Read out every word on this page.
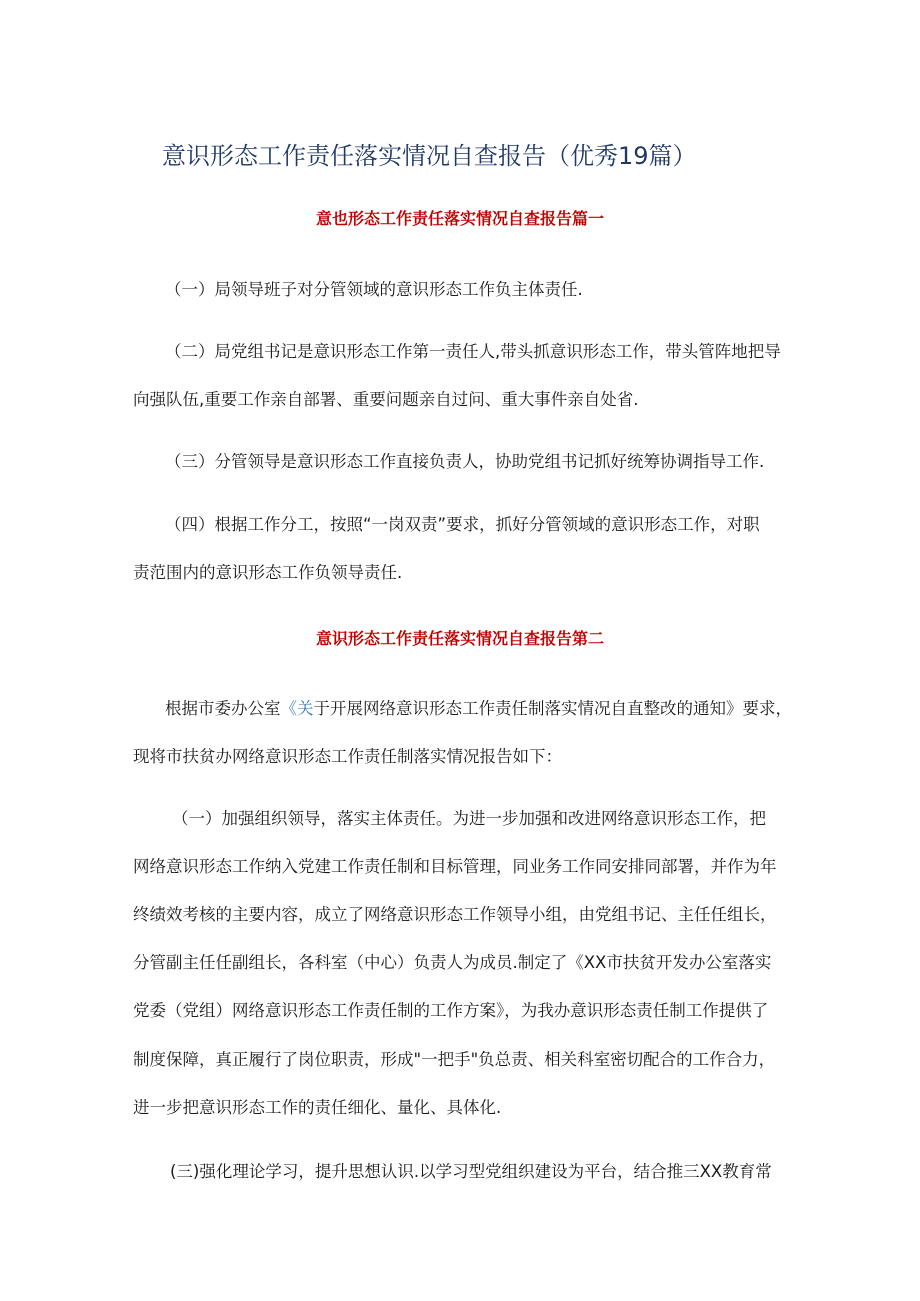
意识形态工作责任落实情况自查报告（优秀19篇）
意也形态工作责任落实情况自查报告篇一
（一）局领导班子对分管领域的意识形态工作负主体责任.
（二）局党组书记是意识形态工作第一责任人,带头抓意识形态工作，带头管阵地把导
向强队伍,重要工作亲自部署、重要问题亲自过问、重大事件亲自处省.
（三）分管领导是意识形态工作直接负责人，协助党组书记抓好统筹协调指导工作.
（四）根据工作分工，按照“一岗双责”要求，抓好分管领域的意识形态工作，对职
责范围内的意识形态工作负领导责任.
意识形态工作责任落实情况自查报告第二
根据市委办公室《关于开展网络意识形态工作责任制落实情况自直整改的通知》要求，
现将市扶贫办网络意识形态工作责任制落实情况报告如下：
（一）加强组织领导，落实主体责任。为进一步加强和改进网络意识形态工作，把
网络意识形态工作纳入党建工作责任制和目标管理，同业务工作同安排同部署，并作为年
终绩效考核的主要内容，成立了网络意识形态工作领导小组，由党组书记、主任任组长，
分管副主任任副组长，各科室（中心）负责人为成员.制定了《XX市扶贫开发办公室落实
党委（党组）网络意识形态工作责任制的工作方案》，为我办意识形态责任制工作提供了
制度保障，真正履行了岗位职责，形成"一把手"负总责、相关科室密切配合的工作合力，
进一步把意识形态工作的责任细化、量化、具体化.
(三)强化理论学习，提升思想认识.以学习型党组织建设为平台，结合推三XX教育常
